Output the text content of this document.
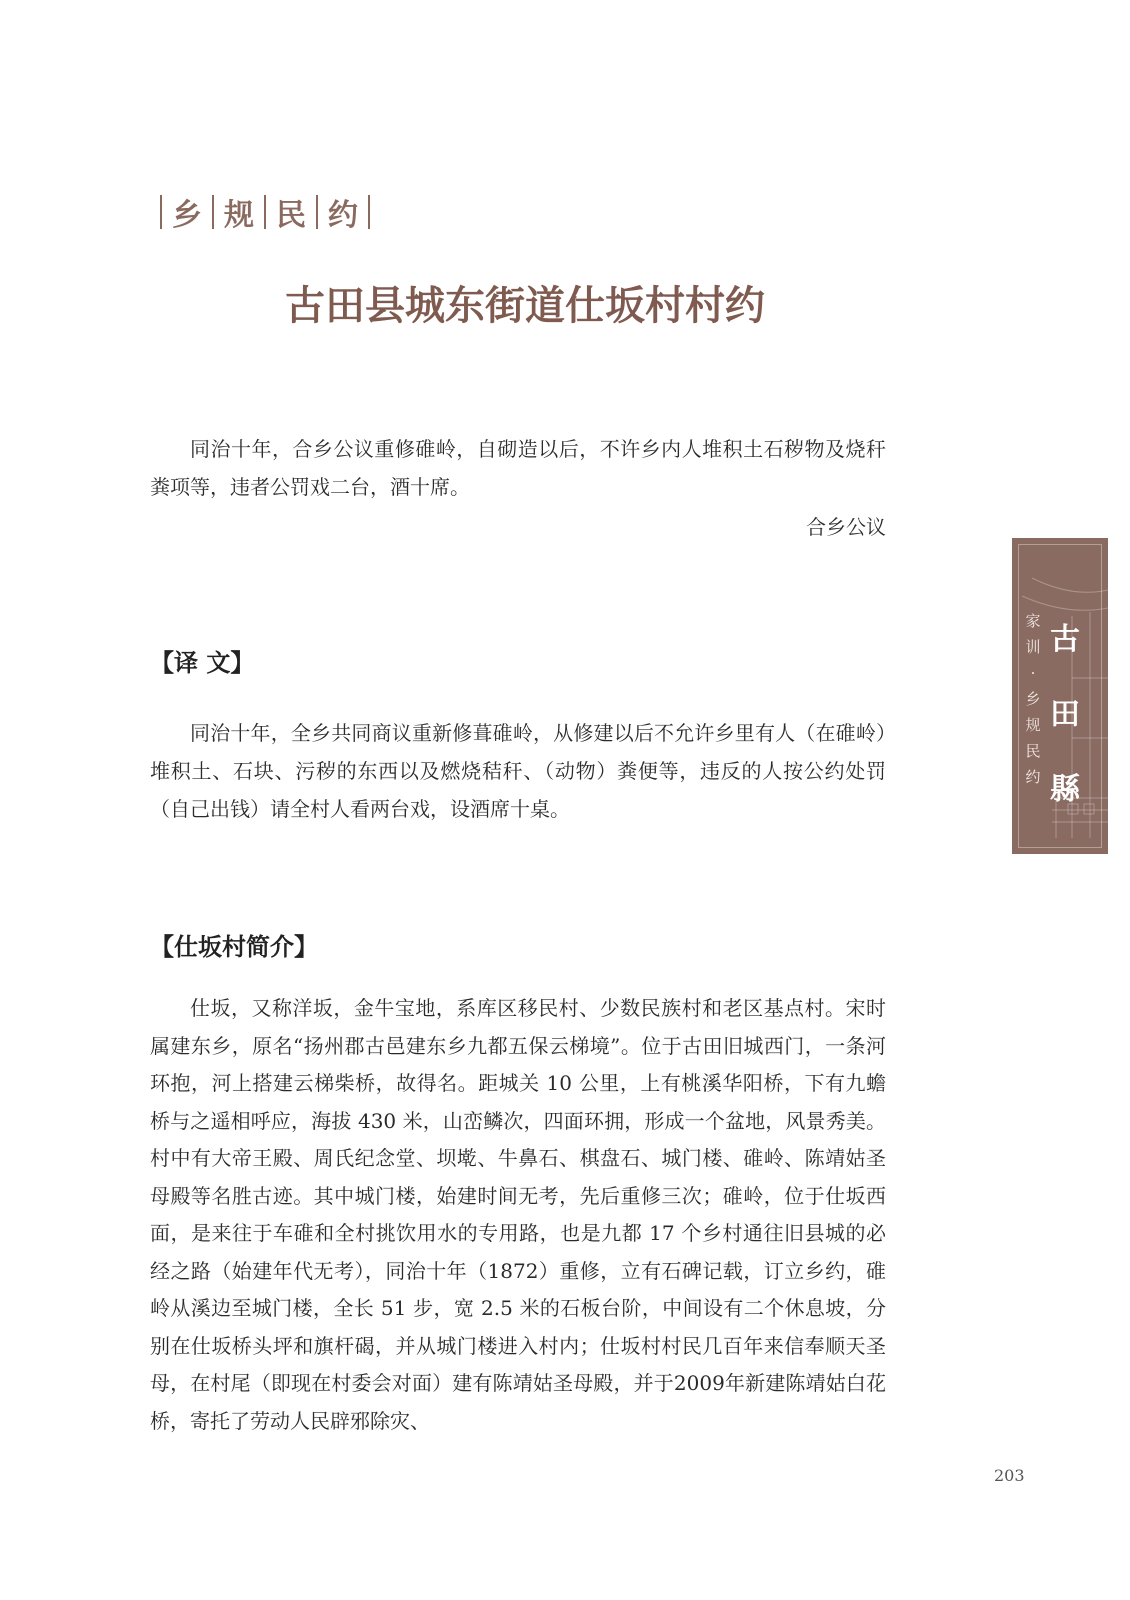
乡 规 民 约
古田县城东街道仕坂村村约

同治十年，合乡公议重修碓岭，自砌造以后，不许乡内人堆积土石秽物及烧秆粪项等，违者公罚戏二台，酒十席。

合乡公议
【译 文】

同治十年，全乡共同商议重新修葺碓岭，从修建以后不允许乡里有人（在碓岭）堆积土、石块、污秽的东西以及燃烧秸秆、（动物）粪便等，违反的人按公约处罚（自己出钱）请全村人看两台戏，设酒席十桌。

【仕坂村简介】

仕坂，又称洋坂，金牛宝地，系库区移民村、少数民族村和老区基点村。宋时属建东乡，原名“扬州郡古邑建东乡九都五保云梯境”。位于古田旧城西门，一条河环抱，河上搭建云梯柴桥，故得名。距城关 10 公里，上有桃溪华阳桥，下有九蟾桥与之遥相呼应，海拔 430 米，山峦鳞次，四面环拥，形成一个盆地，风景秀美。村中有大帝王殿、周氏纪念堂、坝墘、牛鼻石、棋盘石、城门楼、碓岭、陈靖姑圣母殿等名胜古迹。其中城门楼，始建时间无考，先后重修三次；碓岭，位于仕坂西面，是来往于车碓和全村挑饮用水的专用路，也是九都 17 个乡村通往旧县城的必经之路（始建年代无考），同治十年（1872）重修，立有石碑记载，订立乡约，碓岭从溪边至城门楼，全长 51 步，宽 2.5 米的石板台阶，中间设有二个休息坡，分别在仕坂桥头坪和旗杆碣，并从城门楼进入村内；仕坂村村民几百年来信奉顺天圣母，在村尾（即现在村委会对面）建有陈靖姑圣母殿，并于2009年新建陈靖姑白花桥，寄托了劳动人民辟邪除灾、

家训·乡规民约
古田縣
203
